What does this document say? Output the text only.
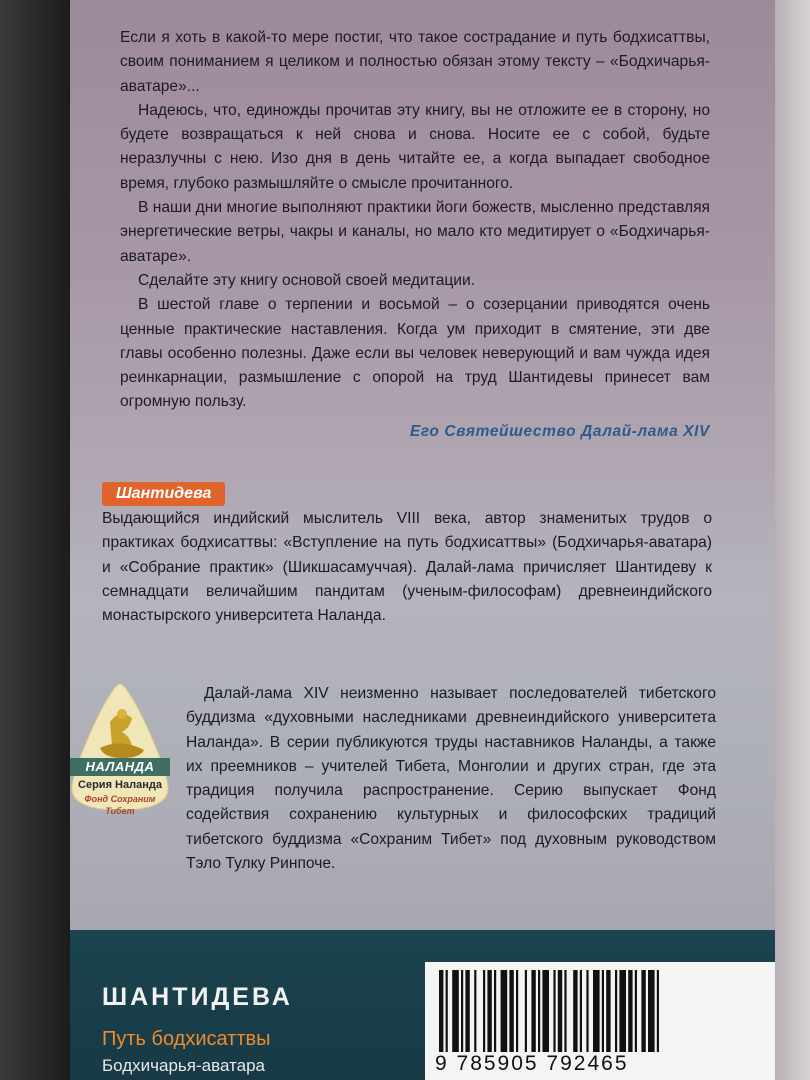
Если я хоть в какой-то мере постиг, что такое сострадание и путь бодхисаттвы, своим пониманием я целиком и полностью обязан этому тексту – «Бодхичарья-аватаре»...

Надеюсь, что, единожды прочитав эту книгу, вы не отложите ее в сторону, но будете возвращаться к ней снова и снова. Носите ее с собой, будьте неразлучны с нею. Изо дня в день читайте ее, а когда выпадает свободное время, глубоко размышляйте о смысле прочитанного.

В наши дни многие выполняют практики йоги божеств, мысленно представляя энергетические ветры, чакры и каналы, но мало кто медитирует о «Бодхичарья-аватаре».

Сделайте эту книгу основой своей медитации.

В шестой главе о терпении и восьмой – о созерцании приводятся очень ценные практические наставления. Когда ум приходит в смятение, эти две главы особенно полезны. Даже если вы человек неверующий и вам чужда идея реинкарнации, размышление с опорой на труд Шантидевы принесет вам огромную пользу.

Его Святейшество Далай-лама XIV
Шантидева
Выдающийся индийский мыслитель VIII века, автор знаменитых трудов о практиках бодхисаттвы: «Вступление на путь бодхисаттвы» (Бодхичарья-аватара) и «Собрание практик» (Шикшасамуччая). Далай-лама причисляет Шантидеву к семнадцати величайшим пандитам (ученым-философам) древнеиндийского монастырского университета Наланда.
НАЛАНДА
Серия Наланда
Фонд Сохраним Тибет
Далай-лама XIV неизменно называет последователей тибетского буддизма «духовными наследниками древнеиндийского университета Наланда». В серии публикуются труды наставников Наланды, а также их преемников – учителей Тибета, Монголии и других стран, где эта традиция получила распространение. Серию выпускает Фонд содействия сохранению культурных и философских традиций тибетского буддизма «Сохраним Тибет» под духовным руководством Тэло Тулку Ринпоче.
ШАНТИДЕВА
Путь бодхисаттвы
Бодхичарья-аватара	9 785905 792465
